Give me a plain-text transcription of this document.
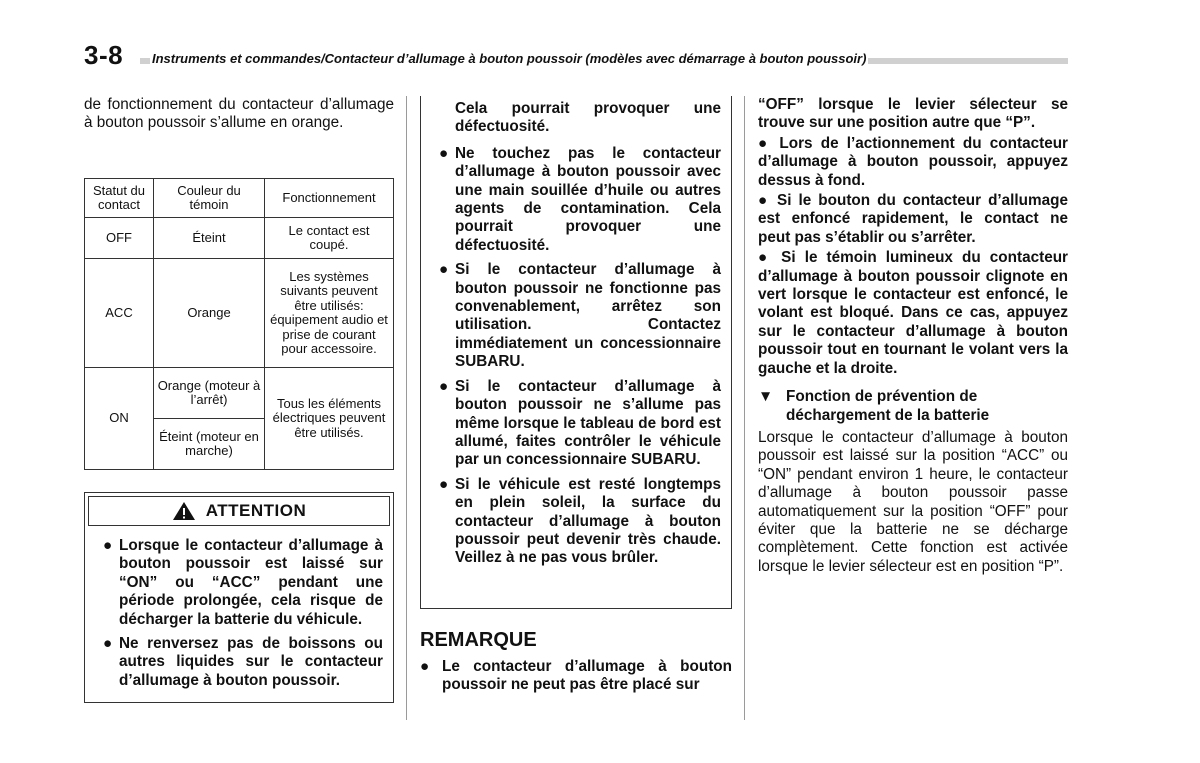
3-8 Instruments et commandes/Contacteur d’allumage à bouton poussoir (modèles avec démarrage à bouton poussoir)

de fonctionnement du contacteur d’allumage à bouton poussoir s’allume en orange.

Statut du contact	Couleur du témoin	Fonctionnement
OFF	Éteint	Le contact est coupé.
ACC	Orange	Les systèmes suivants peuvent être utilisés: équipement audio et prise de courant pour accessoire.
ON	Orange (moteur à l’arrêt)	Tous les éléments électriques peuvent être utilisés.
	Éteint (moteur en marche)	
ATTENTION

● Lorsque le contacteur d’allumage à bouton poussoir est laissé sur “ON” ou “ACC” pendant une période prolongée, cela risque de décharger la batterie du véhicule.

● Ne renversez pas de boissons ou autres liquides sur le contacteur d’allumage à bouton poussoir.

Cela pourrait provoquer une défectuosité.

● Ne touchez pas le contacteur d’allumage à bouton poussoir avec une main souillée d’huile ou autres agents de contamination. Cela pourrait provoquer une défectuosité.

● Si le contacteur d’allumage à bouton poussoir ne fonctionne pas convenablement, arrêtez son utilisation. Contactez immédiatement un concessionnaire SUBARU.

● Si le contacteur d’allumage à bouton poussoir ne s’allume pas même lorsque le tableau de bord est allumé, faites contrôler le véhicule par un concessionnaire SUBARU.

● Si le véhicule est resté longtemps en plein soleil, la surface du contacteur d’allumage à bouton poussoir peut devenir très chaude. Veillez à ne pas vous brûler.

REMARQUE

● Le contacteur d’allumage à bouton poussoir ne peut pas être placé sur

“OFF” lorsque le levier sélecteur se trouve sur une position autre que “P”.

● Lors de l’actionnement du contacteur d’allumage à bouton poussoir, appuyez dessus à fond.

● Si le bouton du contacteur d’allumage est enfoncé rapidement, le contact ne peut pas s’établir ou s’arrêter.

● Si le témoin lumineux du contacteur d’allumage à bouton poussoir clignote en vert lorsque le contacteur est enfoncé, le volant est bloqué. Dans ce cas, appuyez sur le contacteur d’allumage à bouton poussoir tout en tournant le volant vers la gauche et la droite.

▼ Fonction de prévention de déchargement de la batterie

Lorsque le contacteur d’allumage à bouton poussoir est laissé sur la position “ACC” ou “ON” pendant environ 1 heure, le contacteur d’allumage à bouton poussoir passe automatiquement sur la position “OFF” pour éviter que la batterie ne se décharge complètement. Cette fonction est activée lorsque le levier sélecteur est en position “P”.
